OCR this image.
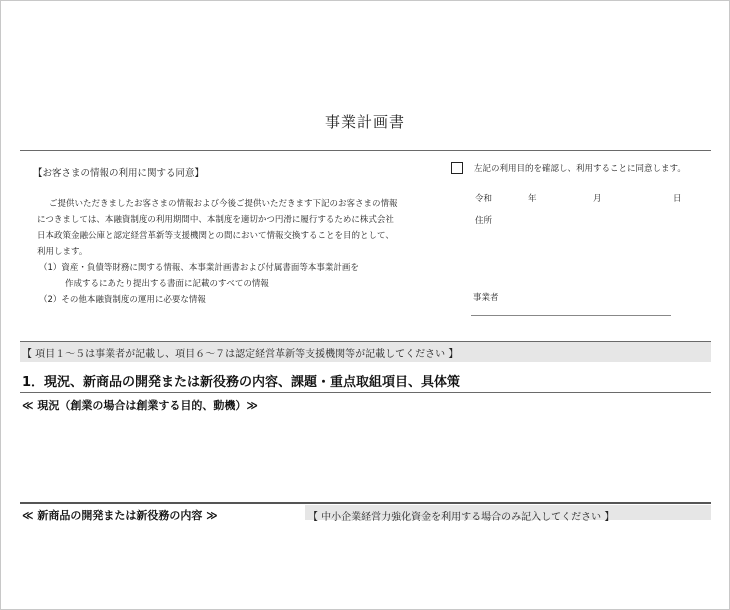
事業計画書
【お客さまの情報の利用に関する同意】
ご提供いただきましたお客さまの情報および今後ご提供いただきます下記のお客さまの情報
につきましては、本融資制度の利用期間中、本制度を適切かつ円滑に履行するために株式会社
日本政策金融公庫と認定経営革新等支援機関との間において情報交換することを目的として、
利用します。
（1）資産・負債等財務に関する情報、本事業計画書および付属書面等本事業計画を
作成するにあたり提出する書面に記載のすべての情報
（2）その他本融資制度の運用に必要な情報
左記の利用目的を確認し、利用することに同意します。
令和	年	月	日
住所
事業者
【 項目１～５は事業者が記載し、項目６～７は認定経営革新等支援機関等が記載してください 】
1．現況、新商品の開発または新役務の内容、課題・重点取組項目、具体策
≪ 現況（創業の場合は創業する目的、動機）≫
≪ 新商品の開発または新役務の内容 ≫	【 中小企業経営力強化資金を利用する場合のみ記入してください 】
